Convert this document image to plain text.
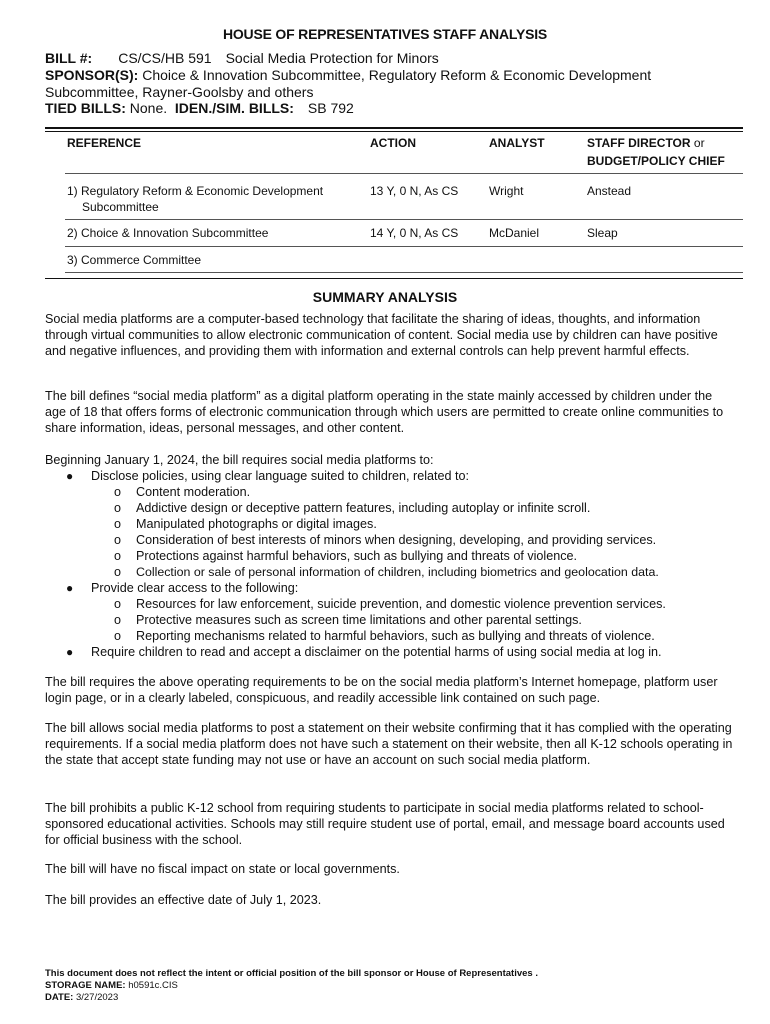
HOUSE OF REPRESENTATIVES STAFF ANALYSIS
BILL #: CS/CS/HB 591 Social Media Protection for Minors
SPONSOR(S): Choice & Innovation Subcommittee, Regulatory Reform & Economic Development
Subcommittee, Rayner-Goolsby and others
TIED BILLS: None. IDEN./SIM. BILLS: SB 792
REFERENCE	ACTION	ANALYST	STAFF DIRECTOR or
BUDGET/POLICY CHIEF
1) Regulatory Reform & Economic Development
Subcommittee
13 Y, 0 N, As CS	Wright	Anstead
2) Choice & Innovation Subcommittee	14 Y, 0 N, As CS	McDaniel	Sleap
3) Commerce Committee
SUMMARY ANALYSIS
Social media platforms are a computer-based technology that facilitate the sharing of ideas, thoughts, and information through virtual communities to allow electronic communication of content. Social media use by children can have positive and negative influences, and providing them with information and external controls can help prevent harmful effects.
The bill defines “social media platform” as a digital platform operating in the state mainly accessed by children under the age of 18 that offers forms of electronic communication through which users are permitted to create online communities to share information, ideas, personal messages, and other content.
Beginning January 1, 2024, the bill requires social media platforms to:
● Disclose policies, using clear language suited to children, related to:
o Content moderation.
o Addictive design or deceptive pattern features, including autoplay or infinite scroll.
o Manipulated photographs or digital images.
o Consideration of best interests of minors when designing, developing, and providing services.
o Protections against harmful behaviors, such as bullying and threats of violence.
o Collection or sale of personal information of children, including biometrics and geolocation data.
● Provide clear access to the following:
o Resources for law enforcement, suicide prevention, and domestic violence prevention services.
o Protective measures such as screen time limitations and other parental settings.
o Reporting mechanisms related to harmful behaviors, such as bullying and threats of violence.
● Require children to read and accept a disclaimer on the potential harms of using social media at log in.
The bill requires the above operating requirements to be on the social media platform’s Internet homepage, platform user login page, or in a clearly labeled, conspicuous, and readily accessible link contained on such page.
The bill allows social media platforms to post a statement on their website confirming that it has complied with the operating requirements. If a social media platform does not have such a statement on their website, then all K-12 schools operating in the state that accept state funding may not use or have an account on such social media platform.
The bill prohibits a public K-12 school from requiring students to participate in social media platforms related to school-sponsored educational activities. Schools may still require student use of portal, email, and message board accounts used for official business with the school.
The bill will have no fiscal impact on state or local governments.
The bill provides an effective date of July 1, 2023.
This document does not reflect the intent or official position of the bill sponsor or House of Representatives .
STORAGE NAME: h0591c.CIS
DATE: 3/27/2023
